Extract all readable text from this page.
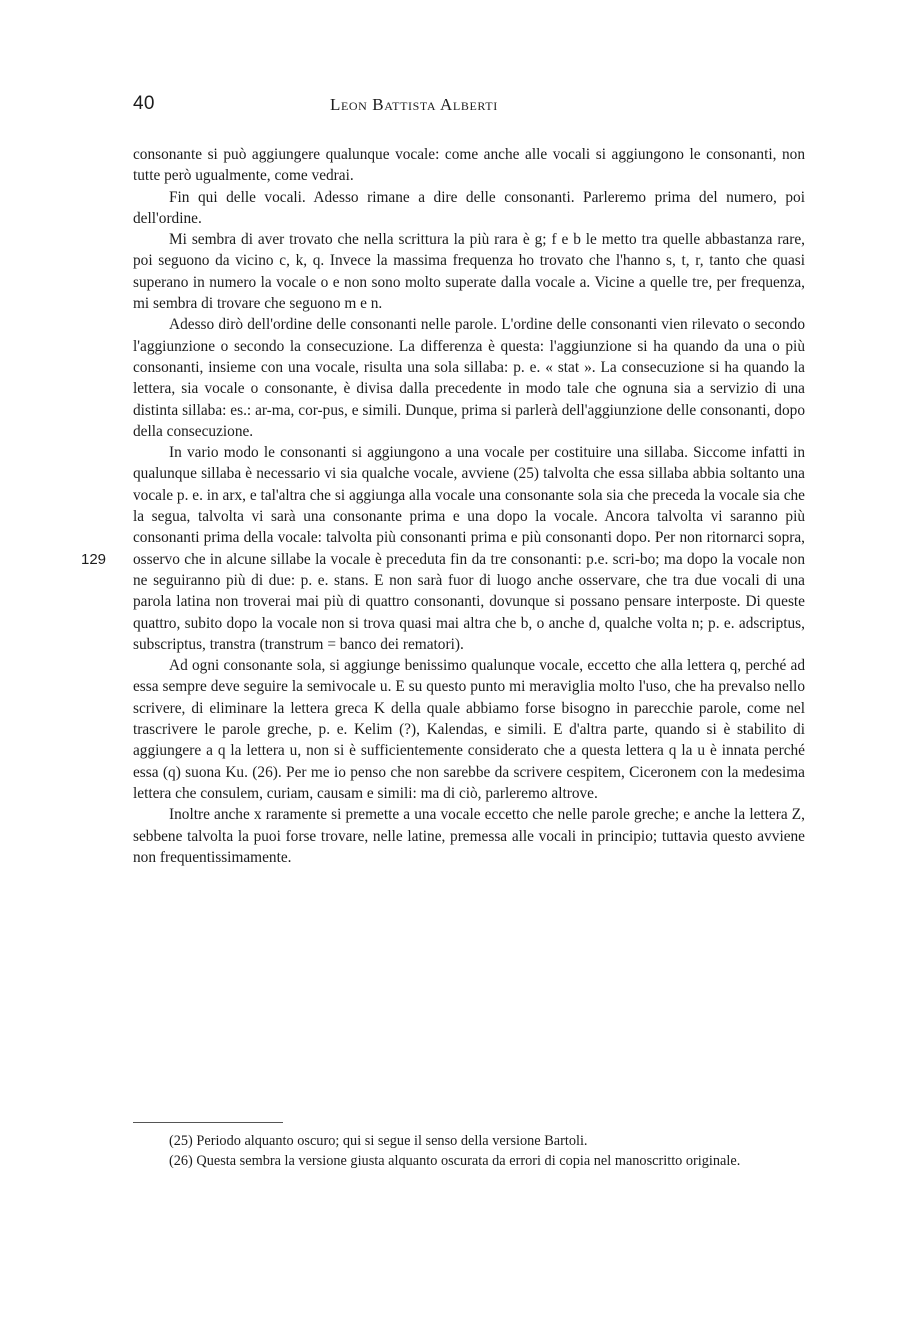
40	Leon Battista Alberti

consonante si può aggiungere qualunque vocale: come anche alle vocali si aggiungono le consonanti, non tutte però ugualmente, come vedrai.

Fin qui delle vocali. Adesso rimane a dire delle consonanti. Parleremo prima del numero, poi dell'ordine.

Mi sembra di aver trovato che nella scrittura la più rara è g; f e b le metto tra quelle abbastanza rare, poi seguono da vicino c, k, q. Invece la massima frequenza ho trovato che l'hanno s, t, r, tanto che quasi superano in numero la vocale o e non sono molto superate dalla vocale a. Vicine a quelle tre, per frequenza, mi sembra di trovare che seguono m e n.

Adesso dirò dell'ordine delle consonanti nelle parole. L'ordine delle consonanti vien rilevato o secondo l'aggiunzione o secondo la consecuzione. La differenza è questa: l'aggiunzione si ha quando da una o più consonanti, insieme con una vocale, risulta una sola sillaba: p. e. « stat ». La consecuzione si ha quando la lettera, sia vocale o consonante, è divisa dalla precedente in modo tale che ognuna sia a servizio di una distinta sillaba: es.: ar-ma, cor-pus, e simili. Dunque, prima si parlerà dell'aggiunzione delle consonanti, dopo della consecuzione.

In vario modo le consonanti si aggiungono a una vocale per costituire una sillaba. Siccome infatti in qualunque sillaba è necessario vi sia qualche vocale, avviene (25) talvolta che essa sillaba abbia soltanto una vocale p. e. in arx, e tal'altra che si aggiunga alla vocale una consonante sola sia che preceda la vocale sia che la segua, talvolta vi sarà una consonante prima e una dopo la vocale. Ancora talvolta vi saranno più consonanti prima della vocale: talvolta più consonanti prima e più consonanti dopo. Per non ritornarci sopra, osservo che in alcune sillabe la vocale è preceduta fin da tre consonanti: p.e. scri-bo; ma dopo la vocale non ne seguiranno più di due: p. e. stans. E non sarà fuor di luogo anche osservare, che tra due vocali di una parola latina non troverai mai più di quattro consonanti, dovunque si possano pensare interposte. Di queste quattro, subito dopo la vocale non si trova quasi mai altra che b, o anche d, qualche volta n; p. e. adscriptus, subscriptus, transtra (transtrum = banco dei rematori).

Ad ogni consonante sola, si aggiunge benissimo qualunque vocale, eccetto che alla lettera q, perché ad essa sempre deve seguire la semivocale u. E su questo punto mi meraviglia molto l'uso, che ha prevalso nello scrivere, di eliminare la lettera greca K della quale abbiamo forse bisogno in parecchie parole, come nel trascrivere le parole greche, p. e. Kelim (?), Kalendas, e simili. E d'altra parte, quando si è stabilito di aggiungere a q la lettera u, non si è sufficientemente considerato che a questa lettera q la u è innata perché essa (q) suona Ku. (26). Per me io penso che non sarebbe da scrivere cespitem, Ciceronem con la medesima lettera che consulem, curiam, causam e simili: ma di ciò, parleremo altrove.

Inoltre anche x raramente si premette a una vocale eccetto che nelle parole greche; e anche la lettera Z, sebbene talvolta la puoi forse trovare, nelle latine, premessa alle vocali in principio; tuttavia questo avviene non frequentissimamente.

129

(25) Periodo alquanto oscuro; qui si segue il senso della versione Bartoli.

(26) Questa sembra la versione giusta alquanto oscurata da errori di copia nel manoscritto originale.
